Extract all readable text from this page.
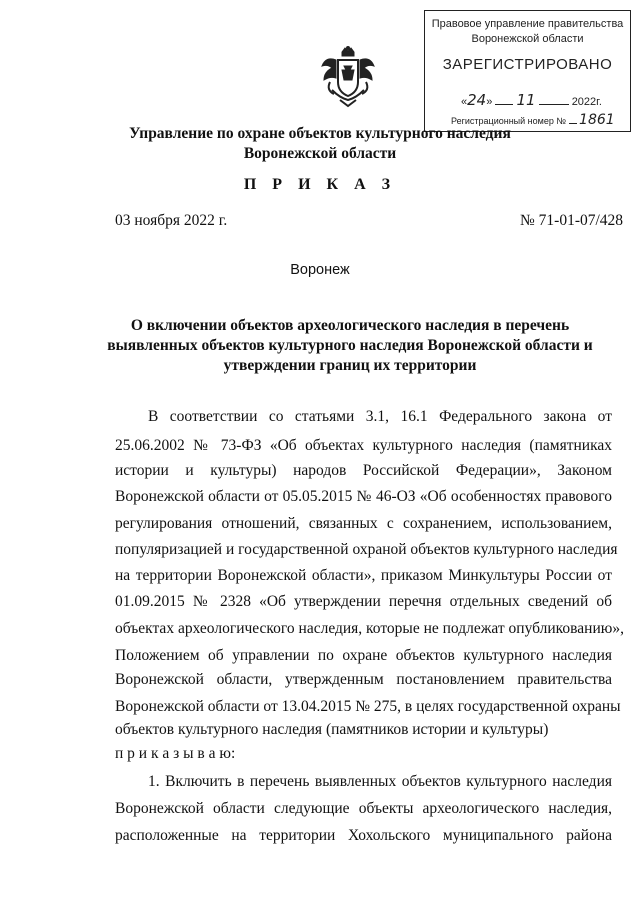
Правовое управление правительства
Воронежской области
ЗАРЕГИСТРИРОВАНО
«24»  11	2022г.
Регистрационный номер № 1861
Управление по охране объектов культурного наследия
Воронежской области
П Р И К А З
03 ноября 2022 г.	№ 71-01-07/428
Воронеж
О включении объектов археологического наследия в перечень
выявленных объектов культурного наследия Воронежской области и
утверждении границ их территории
В соответствии со статьями 3.1, 16.1 Федерального закона от
25.06.2002 № 73-ФЗ «Об объектах культурного наследия (памятниках
истории и культуры) народов Российской Федерации», Законом
Воронежской области от 05.05.2015 № 46-ОЗ «Об особенностях правового
регулирования отношений, связанных с сохранением, использованием,
популяризацией и государственной охраной объектов культурного наследия
на территории Воронежской области», приказом Минкультуры России от
01.09.2015 № 2328 «Об утверждении перечня отдельных сведений об
объектах археологического наследия, которые не подлежат опубликованию»,
Положением об управлении по охране объектов культурного наследия
Воронежской области, утвержденным постановлением правительства
Воронежской области от 13.04.2015 № 275, в целях государственной охраны
объектов культурного наследия (памятников истории и культуры)
п р и к а з ы в а ю:
1. Включить в перечень выявленных объектов культурного наследия
Воронежской области следующие объекты археологического наследия,
расположенные на территории Хохольского муниципального района
